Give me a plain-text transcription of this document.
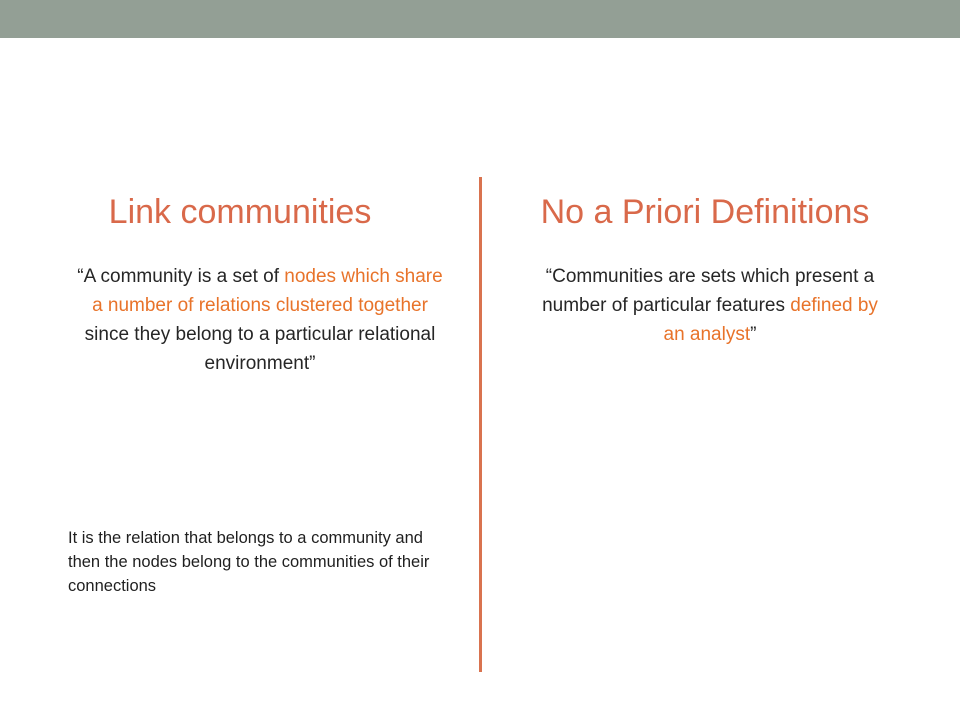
Link communities	No a Priori Definitions
“A community is a set of nodes which share a number of relations clustered together since they belong to a particular relational environment”
“Communities are sets which present a number of particular features defined by an analyst”
It is the relation that belongs to a community and then the nodes belong to the communities of their connections
